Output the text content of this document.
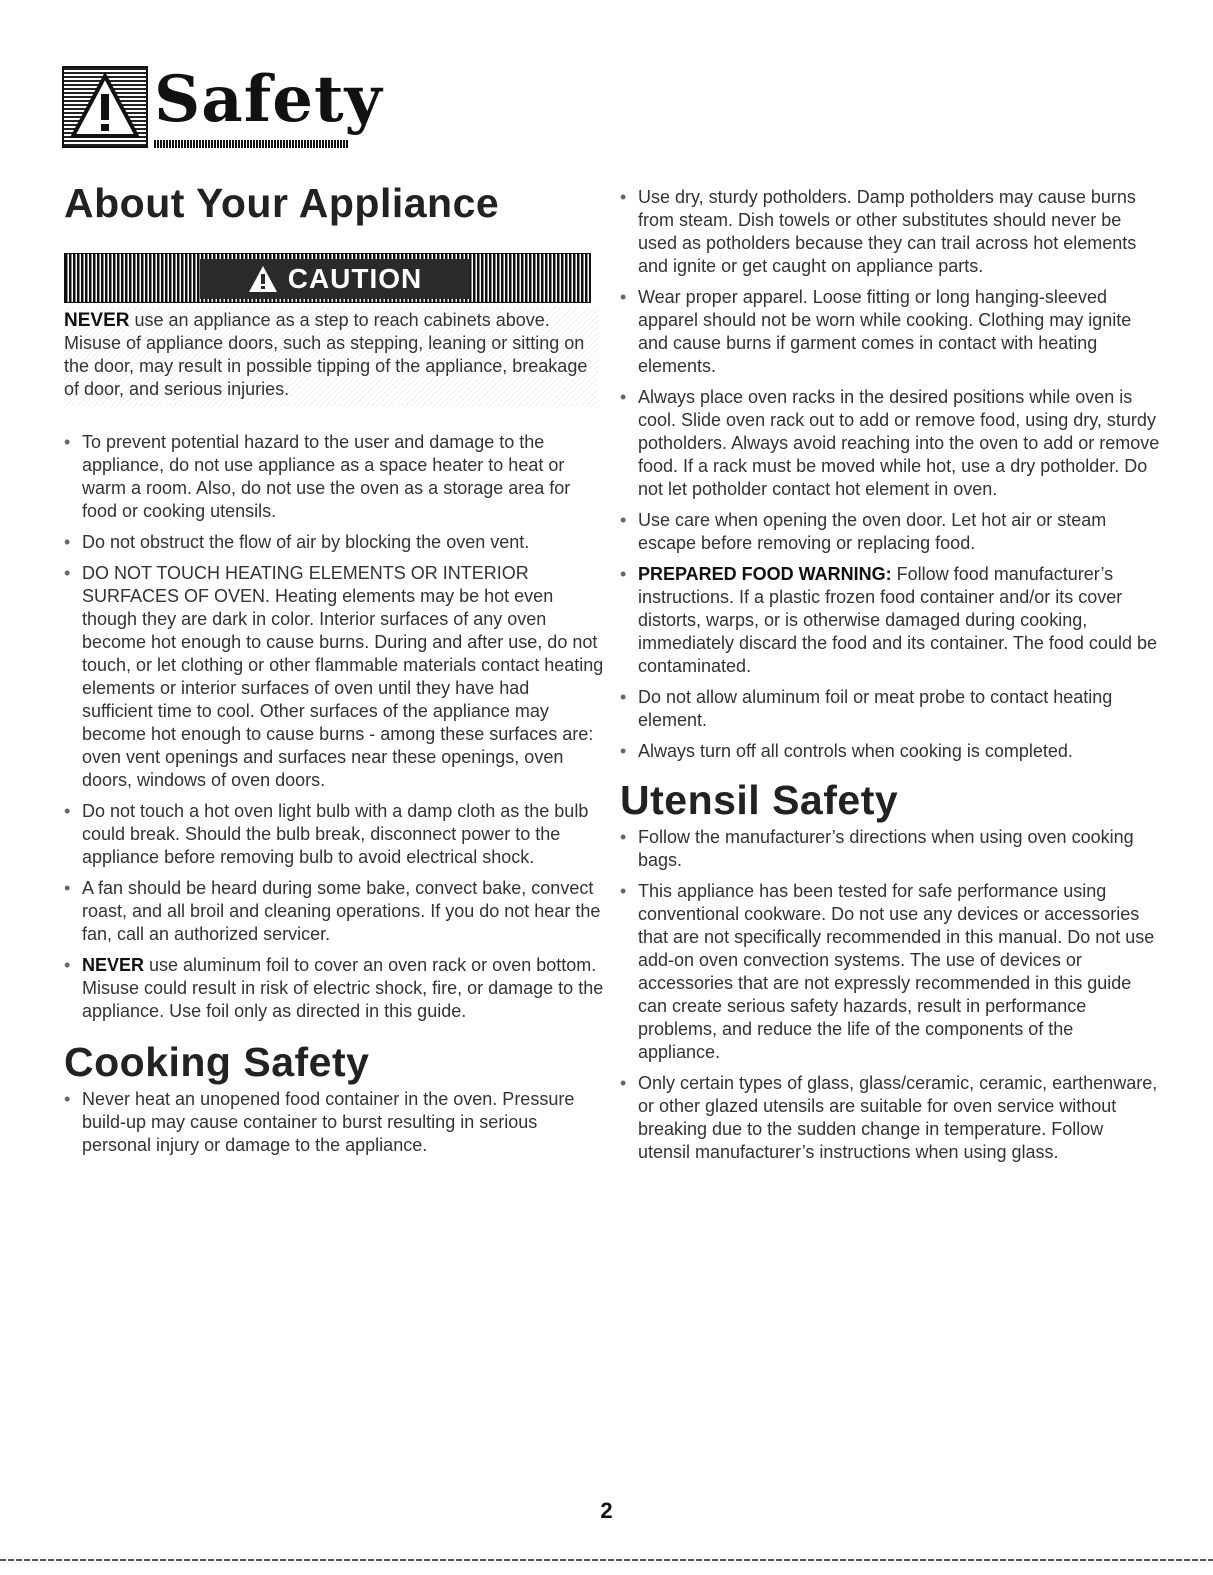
Safety
About Your Appliance
CAUTION
NEVER use an appliance as a step to reach cabinets above. Misuse of appliance doors, such as stepping, leaning or sitting on the door, may result in possible tipping of the appliance, breakage of door, and serious injuries.
• To prevent potential hazard to the user and damage to the appliance, do not use appliance as a space heater to heat or warm a room. Also, do not use the oven as a storage area for food or cooking utensils.
• Do not obstruct the flow of air by blocking the oven vent.
• DO NOT TOUCH HEATING ELEMENTS OR INTERIOR SURFACES OF OVEN. Heating elements may be hot even though they are dark in color. Interior surfaces of any oven become hot enough to cause burns. During and after use, do not touch, or let clothing or other flammable materials contact heating elements or interior surfaces of oven until they have had sufficient time to cool. Other surfaces of the appliance may become hot enough to cause burns - among these surfaces are: oven vent openings and surfaces near these openings, oven doors, windows of oven doors.
• Do not touch a hot oven light bulb with a damp cloth as the bulb could break. Should the bulb break, disconnect power to the appliance before removing bulb to avoid electrical shock.
• A fan should be heard during some bake, convect bake, convect roast, and all broil and cleaning operations. If you do not hear the fan, call an authorized servicer.
• NEVER use aluminum foil to cover an oven rack or oven bottom. Misuse could result in risk of electric shock, fire, or damage to the appliance. Use foil only as directed in this guide.
Cooking Safety
• Never heat an unopened food container in the oven. Pressure build-up may cause container to burst resulting in serious personal injury or damage to the appliance.
• Use dry, sturdy potholders. Damp potholders may cause burns from steam. Dish towels or other substitutes should never be used as potholders because they can trail across hot elements and ignite or get caught on appliance parts.
• Wear proper apparel. Loose fitting or long hanging-sleeved apparel should not be worn while cooking. Clothing may ignite and cause burns if garment comes in contact with heating elements.
• Always place oven racks in the desired positions while oven is cool. Slide oven rack out to add or remove food, using dry, sturdy potholders. Always avoid reaching into the oven to add or remove food. If a rack must be moved while hot, use a dry potholder. Do not let potholder contact hot element in oven.
• Use care when opening the oven door. Let hot air or steam escape before removing or replacing food.
• PREPARED FOOD WARNING: Follow food manufacturer’s instructions. If a plastic frozen food container and/or its cover distorts, warps, or is otherwise damaged during cooking, immediately discard the food and its container. The food could be contaminated.
• Do not allow aluminum foil or meat probe to contact heating element.
• Always turn off all controls when cooking is completed.
Utensil Safety
• Follow the manufacturer’s directions when using oven cooking bags.
• This appliance has been tested for safe performance using conventional cookware. Do not use any devices or accessories that are not specifically recommended in this manual. Do not use add-on oven convection systems. The use of devices or accessories that are not expressly recommended in this guide can create serious safety hazards, result in performance problems, and reduce the life of the components of the appliance.
• Only certain types of glass, glass/ceramic, ceramic, earthenware, or other glazed utensils are suitable for oven service without breaking due to the sudden change in temperature. Follow utensil manufacturer’s instructions when using glass.
2
